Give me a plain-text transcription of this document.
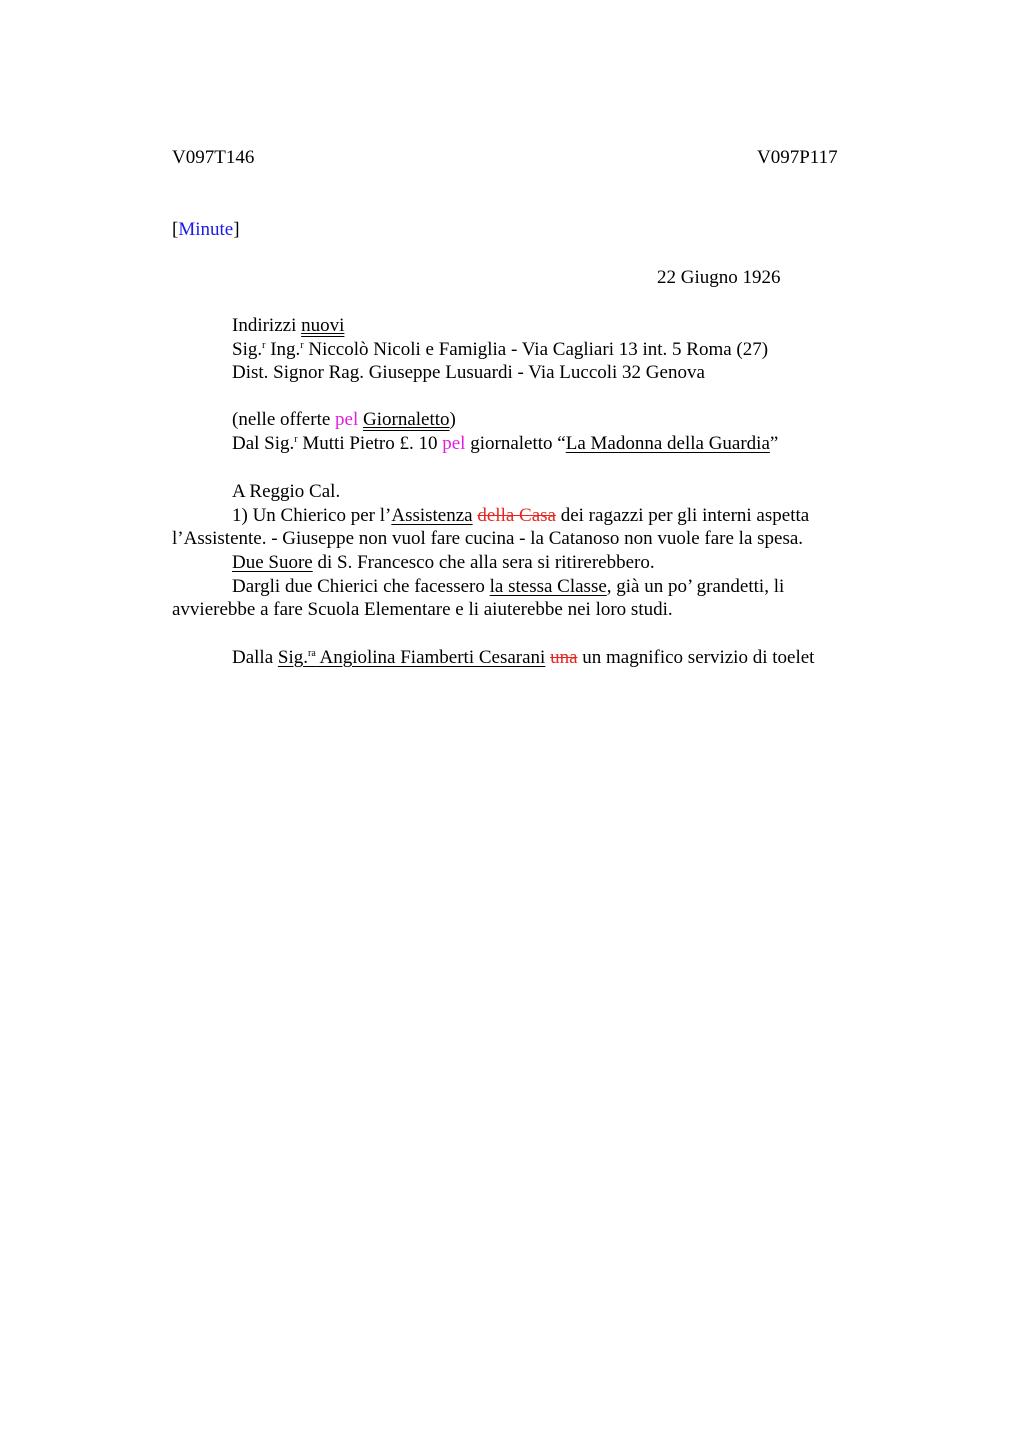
V097T146	V097P117
[Minute]
22 Giugno 1926
Indirizzi nuovi
Sig.$^r$ Ing.$^r$ Niccolò Nicoli e Famiglia - Via Cagliari 13 int. 5 Roma (27)
Dist. Signor Rag. Giuseppe Lusuardi - Via Luccoli 32 Genova
(nelle offerte pel Giornaletto)
Dal Sig.$^r$ Mutti Pietro £. 10 pel giornaletto “La Madonna della Guardia”
A Reggio Cal.
1) Un Chierico per l’Assistenza della Casa dei ragazzi per gli interni aspetta
l’Assistente. - Giuseppe non vuol fare cucina - la Catanoso non vuole fare la spesa.
Due Suore di S. Francesco che alla sera si ritirerebbero.
Dargli due Chierici che facessero la stessa Classe, già un po’ grandetti, li
avvierebbe a fare Scuola Elementare e li aiuterebbe nei loro studi.
Dalla Sig.$^{ra}$ Angiolina Fiamberti Cesarani una un magnifico servizio di toelet
